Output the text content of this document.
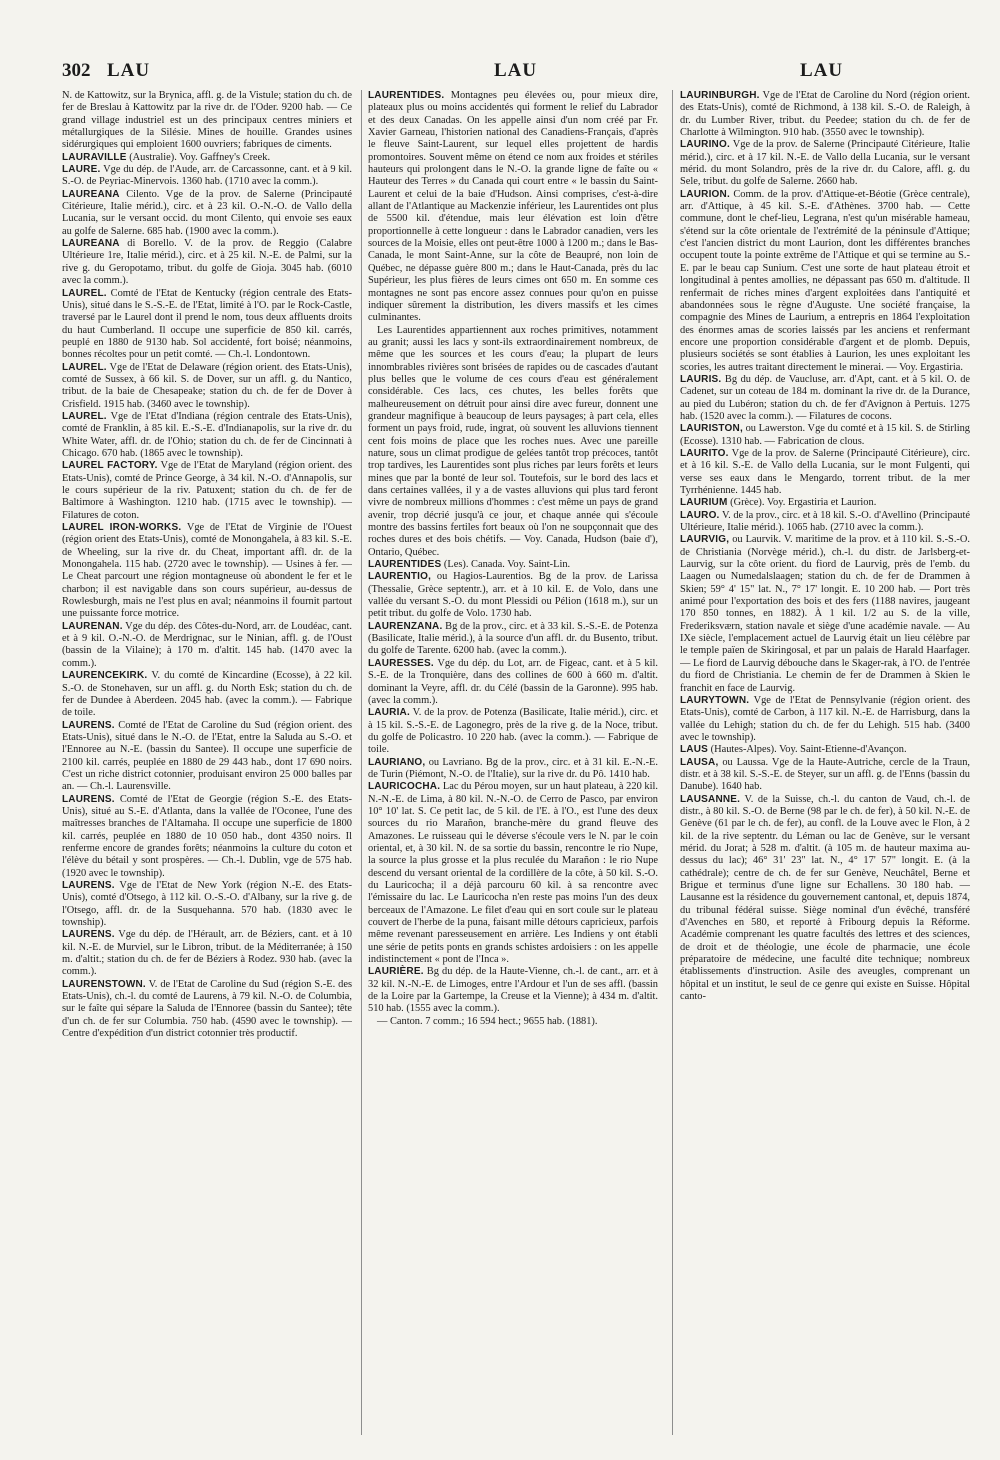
302 LAU	LAU	LAU

N. de Kattowitz, sur la Brynica, affl. g. de la Vistule; station du ch. de fer de Breslau à Kattowitz par la rive dr. de l'Oder. 9200 hab. — Ce grand village industriel est un des principaux centres miniers et métallurgiques de la Silésie. Mines de houille. Grandes usines sidérurgiques qui emploient 1600 ouvriers; fabriques de ciments.

LAURAVILLE (Australie). Voy. Gaffney's Creek.

LAURE. Vge du dép. de l'Aude, arr. de Carcassonne, cant. et à 9 kil. S.-O. de Peyriac-Minervois. 1360 hab. (1710 avec la comm.).

LAUREANA Cilento. Vge de la prov. de Salerne (Principauté Citérieure, Italie mérid.), circ. et à 23 kil. O.-N.-O. de Vallo della Lucania, sur le versant occid. du mont Cilento, qui envoie ses eaux au golfe de Salerne. 685 hab. (1900 avec la comm.).

LAUREANA di Borello. V. de la prov. de Reggio (Calabre Ultérieure 1re, Italie mérid.), circ. et à 25 kil. N.-E. de Palmi, sur la rive g. du Geropotamo, tribut. du golfe de Gioja. 3045 hab. (6010 avec la comm.).

LAUREL. Comté de l'Etat de Kentucky (région centrale des Etats-Unis), situé dans le S.-S.-E. de l'Etat, limité à l'O. par le Rock-Castle, traversé par le Laurel dont il prend le nom, tous deux affluents droits du haut Cumberland. Il occupe une superficie de 850 kil. carrés, peuplé en 1880 de 9130 hab. Sol accidenté, fort boisé; néanmoins, bonnes récoltes pour un petit comté. — Ch.-l. Londontown.

LAUREL. Vge de l'Etat de Delaware (région orient. des Etats-Unis), comté de Sussex, à 66 kil. S. de Dover, sur un affl. g. du Nantico, tribut. de la baie de Chesapeake; station du ch. de fer de Dover à Crisfield. 1915 hab. (3460 avec le township).

LAUREL. Vge de l'Etat d'Indiana (région centrale des Etats-Unis), comté de Franklin, à 85 kil. E.-S.-E. d'Indianapolis, sur la rive dr. du White Water, affl. dr. de l'Ohio; station du ch. de fer de Cincinnati à Chicago. 670 hab. (1865 avec le township).

LAUREL FACTORY. Vge de l'Etat de Maryland (région orient. des Etats-Unis), comté de Prince George, à 34 kil. N.-O. d'Annapolis, sur le cours supérieur de la riv. Patuxent; station du ch. de fer de Baltimore à Washington. 1210 hab. (1715 avec le township). — Filatures de coton.

LAUREL IRON-WORKS. Vge de l'Etat de Virginie de l'Ouest (région orient des Etats-Unis), comté de Monongahela, à 83 kil. S.-E. de Wheeling, sur la rive dr. du Cheat, important affl. dr. de la Monongahela. 115 hab. (2720 avec le township). — Usines à fer. — Le Cheat parcourt une région montagneuse où abondent le fer et le charbon; il est navigable dans son cours supérieur, au-dessus de Rowlesburgh, mais ne l'est plus en aval; néanmoins il fournit partout une puissante force motrice.

LAURENAN. Vge du dép. des Côtes-du-Nord, arr. de Loudéac, cant. et à 9 kil. O.-N.-O. de Merdrignac, sur le Ninian, affl. g. de l'Oust (bassin de la Vilaine); à 170 m. d'altit. 145 hab. (1470 avec la comm.).

LAURENCEKIRK. V. du comté de Kincardine (Ecosse), à 22 kil. S.-O. de Stonehaven, sur un affl. g. du North Esk; station du ch. de fer de Dundee à Aberdeen. 2045 hab. (avec la comm.). — Fabrique de toile.

LAURENS. Comté de l'Etat de Caroline du Sud (région orient. des Etats-Unis), situé dans le N.-O. de l'Etat, entre la Saluda au S.-O. et l'Ennoree au N.-E. (bassin du Santee). Il occupe une superficie de 2100 kil. carrés, peuplée en 1880 de 29 443 hab., dont 17 690 noirs. C'est un riche district cotonnier, produisant environ 25 000 balles par an. — Ch.-l. Laurensville.

LAURENS. Comté de l'Etat de Georgie (région S.-E. des Etats-Unis), situé au S.-E. d'Atlanta, dans la vallée de l'Oconee, l'une des maîtresses branches de l'Altamaha. Il occupe une superficie de 1800 kil. carrés, peuplée en 1880 de 10 050 hab., dont 4350 noirs. Il renferme encore de grandes forêts; néanmoins la culture du coton et l'élève du bétail y sont prospères. — Ch.-l. Dublin, vge de 575 hab. (1920 avec le township).

LAURENS. Vge de l'Etat de New York (région N.-E. des Etats-Unis), comté d'Otsego, à 112 kil. O.-S.-O. d'Albany, sur la rive g. de l'Otsego, affl. dr. de la Susquehanna. 570 hab. (1830 avec le township).

LAURENS. Vge du dép. de l'Hérault, arr. de Béziers, cant. et à 10 kil. N.-E. de Murviel, sur le Libron, tribut. de la Méditerranée; à 150 m. d'altit.; station du ch. de fer de Béziers à Rodez. 930 hab. (avec la comm.).

LAURENSTOWN. V. de l'Etat de Caroline du Sud (région S.-E. des Etats-Unis), ch.-l. du comté de Laurens, à 79 kil. N.-O. de Columbia, sur le faîte qui sépare la Saluda de l'Ennoree (bassin du Santee); tête d'un ch. de fer sur Columbia. 750 hab. (4590 avec le township). — Centre d'expédition d'un district cotonnier très productif.

LAURENTIDES. Montagnes peu élevées ou, pour mieux dire, plateaux plus ou moins accidentés qui forment le relief du Labrador et des deux Canadas. On les appelle ainsi d'un nom créé par Fr. Xavier Garneau, l'historien national des Canadiens-Français, d'après le fleuve Saint-Laurent, sur lequel elles projettent de hardis promontoires. Souvent même on étend ce nom aux froides et stériles hauteurs qui prolongent dans le N.-O. la grande ligne de faîte ou « Hauteur des Terres » du Canada qui court entre « le bassin du Saint-Laurent et celui de la baie d'Hudson. Ainsi comprises, c'est-à-dire allant de l'Atlantique au Mackenzie inférieur, les Laurentides ont plus de 5500 kil. d'étendue, mais leur élévation est loin d'être proportionnelle à cette longueur : dans le Labrador canadien, vers les sources de la Moisie, elles ont peut-être 1000 à 1200 m.; dans le Bas-Canada, le mont Saint-Anne, sur la côte de Beaupré, non loin de Québec, ne dépasse guère 800 m.; dans le Haut-Canada, près du lac Supérieur, les plus fières de leurs cimes ont 650 m. En somme ces montagnes ne sont pas encore assez connues pour qu'on en puisse indiquer sûrement la distribution, les divers massifs et les cimes culminantes.

Les Laurentides appartiennent aux roches primitives, notamment au granit; aussi les lacs y sont-ils extraordinairement nombreux, de même que les sources et les cours d'eau; la plupart de leurs innombrables rivières sont brisées de rapides ou de cascades d'autant plus belles que le volume de ces cours d'eau est généralement considérable. Ces lacs, ces chutes, les belles forêts que malheureusement on détruit pour ainsi dire avec fureur, donnent une grandeur magnifique à beaucoup de leurs paysages; à part cela, elles forment un pays froid, rude, ingrat, où souvent les alluvions tiennent cent fois moins de place que les roches nues. Avec une pareille nature, sous un climat prodigue de gelées tantôt trop précoces, tantôt trop tardives, les Laurentides sont plus riches par leurs forêts et leurs mines que par la bonté de leur sol. Toutefois, sur le bord des lacs et dans certaines vallées, il y a de vastes alluvions qui plus tard feront vivre de nombreux millions d'hommes : c'est même un pays de grand avenir, trop décrié jusqu'à ce jour, et chaque année qui s'écoule montre des bassins fertiles fort beaux où l'on ne soupçonnait que des roches dures et des bois chétifs. — Voy. Canada, Hudson (baie d'), Ontario, Québec.

LAURENTIDES (Les). Canada. Voy. Saint-Lin.

LAURENTIO, ou Hagios-Laurentios. Bg de la prov. de Larissa (Thessalie, Grèce septentr.), arr. et à 10 kil. E. de Volo, dans une vallée du versant S.-O. du mont Plessidi ou Pélion (1618 m.), sur un petit tribut. du golfe de Volo. 1730 hab.

LAURENZANA. Bg de la prov., circ. et à 33 kil. S.-S.-E. de Potenza (Basilicate, Italie mérid.), à la source d'un affl. dr. du Busento, tribut. du golfe de Tarente. 6200 hab. (avec la comm.).

LAURESSES. Vge du dép. du Lot, arr. de Figeac, cant. et à 5 kil. S.-E. de la Tronquière, dans des collines de 600 à 660 m. d'altit. dominant la Veyre, affl. dr. du Célé (bassin de la Garonne). 995 hab. (avec la comm.).

LAURIA. V. de la prov. de Potenza (Basilicate, Italie mérid.), circ. et à 15 kil. S.-S.-E. de Lagonegro, près de la rive g. de la Noce, tribut. du golfe de Policastro. 10 220 hab. (avec la comm.). — Fabrique de toile.

LAURIANO, ou Lavriano. Bg de la prov., circ. et à 31 kil. E.-N.-E. de Turin (Piémont, N.-O. de l'Italie), sur la rive dr. du Pô. 1410 hab.

LAURICOCHA. Lac du Pérou moyen, sur un haut plateau, à 220 kil. N.-N.-E. de Lima, à 80 kil. N.-N.-O. de Cerro de Pasco, par environ 10° 10' lat. S. Ce petit lac, de 5 kil. de l'E. à l'O., est l'une des deux sources du rio Marañon, branche-mère du grand fleuve des Amazones. Le ruisseau qui le déverse s'écoule vers le N. par le coin oriental, et, à 30 kil. N. de sa sortie du bassin, rencontre le rio Nupe, la source la plus grosse et la plus reculée du Marañon : le rio Nupe descend du versant oriental de la cordillère de la côte, à 50 kil. S.-O. du Lauricocha; il a déjà parcouru 60 kil. à sa rencontre avec l'émissaire du lac. Le Lauricocha n'en reste pas moins l'un des deux berceaux de l'Amazone. Le filet d'eau qui en sort coule sur le plateau couvert de l'herbe de la puna, faisant mille détours capricieux, parfois même revenant paresseusement en arrière. Les Indiens y ont établi une série de petits ponts en grands schistes ardoisiers : on les appelle indistinctement « pont de l'Inca ».

LAURIÈRE. Bg du dép. de la Haute-Vienne, ch.-l. de cant., arr. et à 32 kil. N.-N.-E. de Limoges, entre l'Ardour et l'un de ses affl. (bassin de la Loire par la Gartempe, la Creuse et la Vienne); à 434 m. d'altit. 510 hab. (1555 avec la comm.).

— Canton. 7 comm.; 16 594 hect.; 9655 hab. (1881).

LAURINBURGH. Vge de l'Etat de Caroline du Nord (région orient. des Etats-Unis), comté de Richmond, à 138 kil. S.-O. de Raleigh, à dr. du Lumber River, tribut. du Peedee; station du ch. de fer de Charlotte à Wilmington. 910 hab. (3550 avec le township).

LAURINO. Vge de la prov. de Salerne (Principauté Citérieure, Italie mérid.), circ. et à 17 kil. N.-E. de Vallo della Lucania, sur le versant mérid. du mont Solandro, près de la rive dr. du Calore, affl. g. du Sele, tribut. du golfe de Salerne. 2660 hab.

LAURION. Comm. de la prov. d'Attique-et-Béotie (Grèce centrale), arr. d'Attique, à 45 kil. S.-E. d'Athènes. 3700 hab. — Cette commune, dont le chef-lieu, Legrana, n'est qu'un misérable hameau, s'étend sur la côte orientale de l'extrémité de la péninsule d'Attique; c'est l'ancien district du mont Laurion, dont les différentes branches occupent toute la pointe extrême de l'Attique et qui se termine au S.-E. par le beau cap Sunium. C'est une sorte de haut plateau étroit et longitudinal à pentes amollies, ne dépassant pas 650 m. d'altitude. Il renfermait de riches mines d'argent exploitées dans l'antiquité et abandonnées sous le règne d'Auguste. Une société française, la compagnie des Mines de Laurium, a entrepris en 1864 l'exploitation des énormes amas de scories laissés par les anciens et renfermant encore une proportion considérable d'argent et de plomb. Depuis, plusieurs sociétés se sont établies à Laurion, les unes exploitant les scories, les autres traitant directement le minerai. — Voy. Ergastiria.

LAURIS. Bg du dép. de Vaucluse, arr. d'Apt, cant. et à 5 kil. O. de Cadenet, sur un coteau de 184 m. dominant la rive dr. de la Durance, au pied du Lubéron; station du ch. de fer d'Avignon à Pertuis. 1275 hab. (1520 avec la comm.). — Filatures de cocons.

LAURISTON, ou Lawerston. Vge du comté et à 15 kil. S. de Stirling (Ecosse). 1310 hab. — Fabrication de clous.

LAURITO. Vge de la prov. de Salerne (Principauté Citérieure), circ. et à 16 kil. S.-E. de Vallo della Lucania, sur le mont Fulgenti, qui verse ses eaux dans le Mengardo, torrent tribut. de la mer Tyrrhénienne. 1445 hab.

LAURIUM (Grèce). Voy. Ergastiria et Laurion.

LAURO. V. de la prov., circ. et à 18 kil. S.-O. d'Avellino (Principauté Ultérieure, Italie mérid.). 1065 hab. (2710 avec la comm.).

LAURVIG, ou Laurvik. V. maritime de la prov. et à 110 kil. S.-S.-O. de Christiania (Norvège mérid.), ch.-l. du distr. de Jarlsberg-et-Laurvig, sur la côte orient. du fiord de Laurvig, près de l'emb. du Laagen ou Numedalslaagen; station du ch. de fer de Drammen à Skien; 59° 4' 15" lat. N., 7° 17' longit. E. 10 200 hab. — Port très animé pour l'exportation des bois et des fers (1188 navires, jaugeant 170 850 tonnes, en 1882). À 1 kil. 1/2 au S. de la ville, Frederiksværn, station navale et siège d'une académie navale. — Au IXe siècle, l'emplacement actuel de Laurvig était un lieu célèbre par le temple païen de Skiringosal, et par un palais de Harald Haarfager. — Le fiord de Laurvig débouche dans le Skager-rak, à l'O. de l'entrée du fiord de Christiania. Le chemin de fer de Drammen à Skien le franchit en face de Laurvig.

LAURYTOWN. Vge de l'Etat de Pennsylvanie (région orient. des Etats-Unis), comté de Carbon, à 117 kil. N.-E. de Harrisburg, dans la vallée du Lehigh; station du ch. de fer du Lehigh. 515 hab. (3400 avec le township).

LAUS (Hautes-Alpes). Voy. Saint-Etienne-d'Avançon.

LAUSA, ou Laussa. Vge de la Haute-Autriche, cercle de la Traun, distr. et à 38 kil. S.-S.-E. de Steyer, sur un affl. g. de l'Enns (bassin du Danube). 1640 hab.

LAUSANNE. V. de la Suisse, ch.-l. du canton de Vaud, ch.-l. de distr., à 80 kil. S.-O. de Berne (98 par le ch. de fer), à 50 kil. N.-E. de Genève (61 par le ch. de fer), au confl. de la Louve avec le Flon, à 2 kil. de la rive septentr. du Léman ou lac de Genève, sur le versant mérid. du Jorat; à 528 m. d'altit. (à 105 m. de hauteur maxima au-dessus du lac); 46° 31' 23" lat. N., 4° 17' 57" longit. E. (à la cathédrale); centre de ch. de fer sur Genève, Neuchâtel, Berne et Brigue et terminus d'une ligne sur Echallens. 30 180 hab. — Lausanne est la résidence du gouvernement cantonal, et, depuis 1874, du tribunal fédéral suisse. Siège nominal d'un évêché, transféré d'Avenches en 580, et reporté à Fribourg depuis la Réforme. Académie comprenant les quatre facultés des lettres et des sciences, de droit et de théologie, une école de pharmacie, une école préparatoire de médecine, une faculté dite technique; nombreux établissements d'instruction. Asile des aveugles, comprenant un hôpital et un institut, le seul de ce genre qui existe en Suisse. Hôpital canto-
